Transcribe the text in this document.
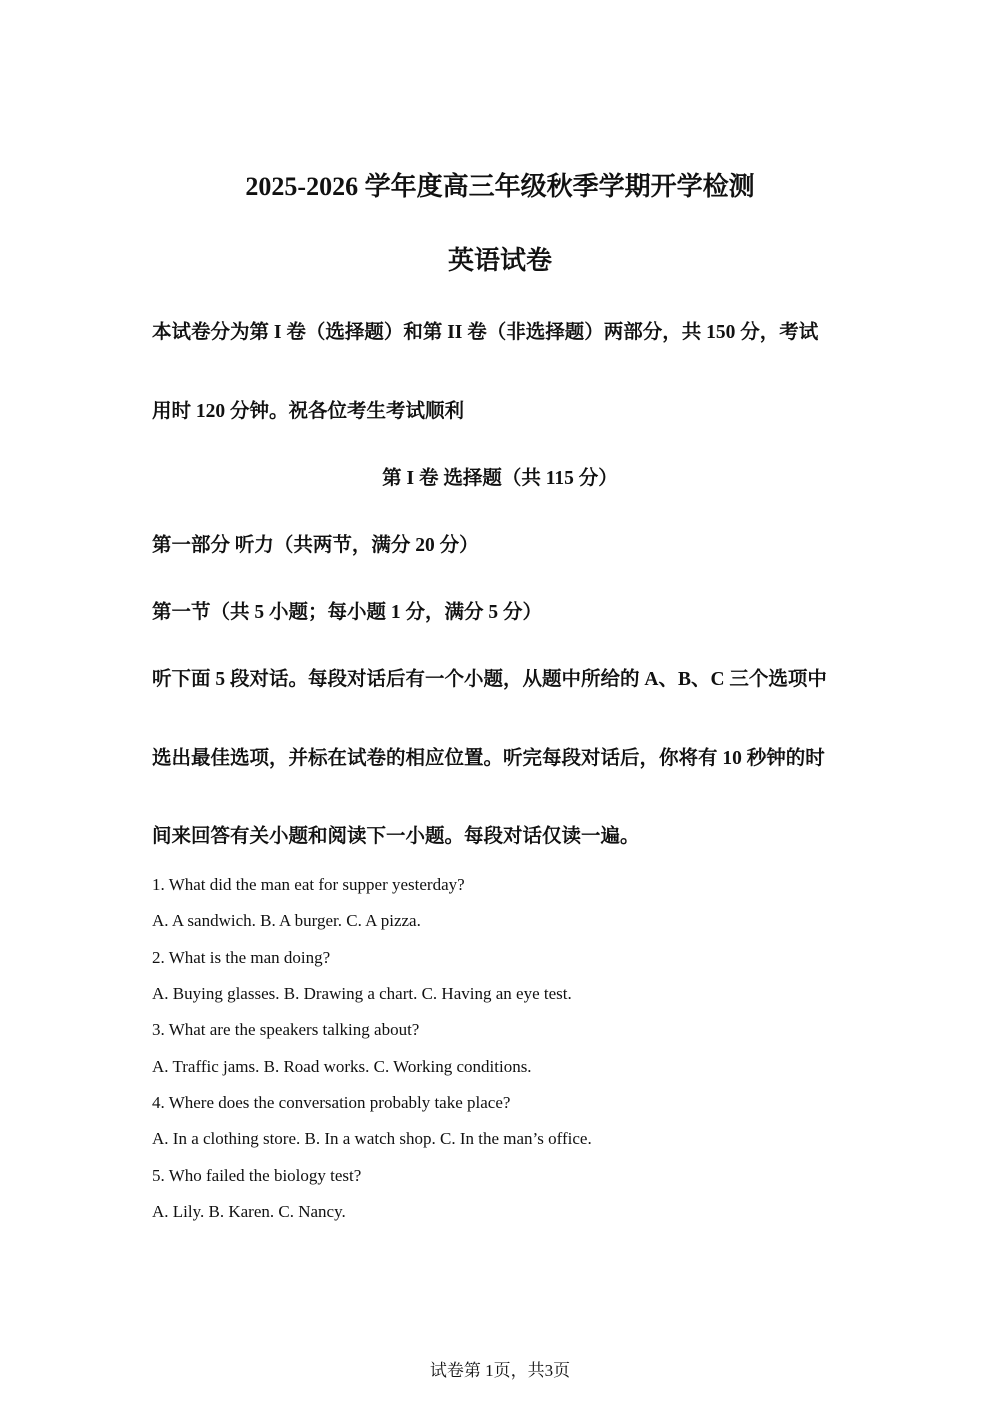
2025-2026 学年度高三年级秋季学期开学检测
英语试卷

本试卷分为第 I 卷（选择题）和第 II 卷（非选择题）两部分，共 150 分，考试

用时 120 分钟。祝各位考生考试顺利

第 I 卷 选择题（共 115 分）

第一部分 听力（共两节，满分 20 分）

第一节（共 5 小题；每小题 1 分，满分 5 分）

听下面 5 段对话。每段对话后有一个小题，从题中所给的 A、B、C 三个选项中

选出最佳选项，并标在试卷的相应位置。听完每段对话后，你将有 10 秒钟的时

间来回答有关小题和阅读下一小题。每段对话仅读一遍。

1. What did the man eat for supper yesterday?

A. A sandwich. B. A burger. C. A pizza.

2. What is the man doing?

A. Buying glasses. B. Drawing a chart. C. Having an eye test.

3. What are the speakers talking about?

A. Traffic jams. B. Road works. C. Working conditions.

4. Where does the conversation probably take place?

A. In a clothing store. B. In a watch shop. C. In the man’s office.

5. Who failed the biology test?

A. Lily. B. Karen. C. Nancy.

试卷第 1页，共3页
